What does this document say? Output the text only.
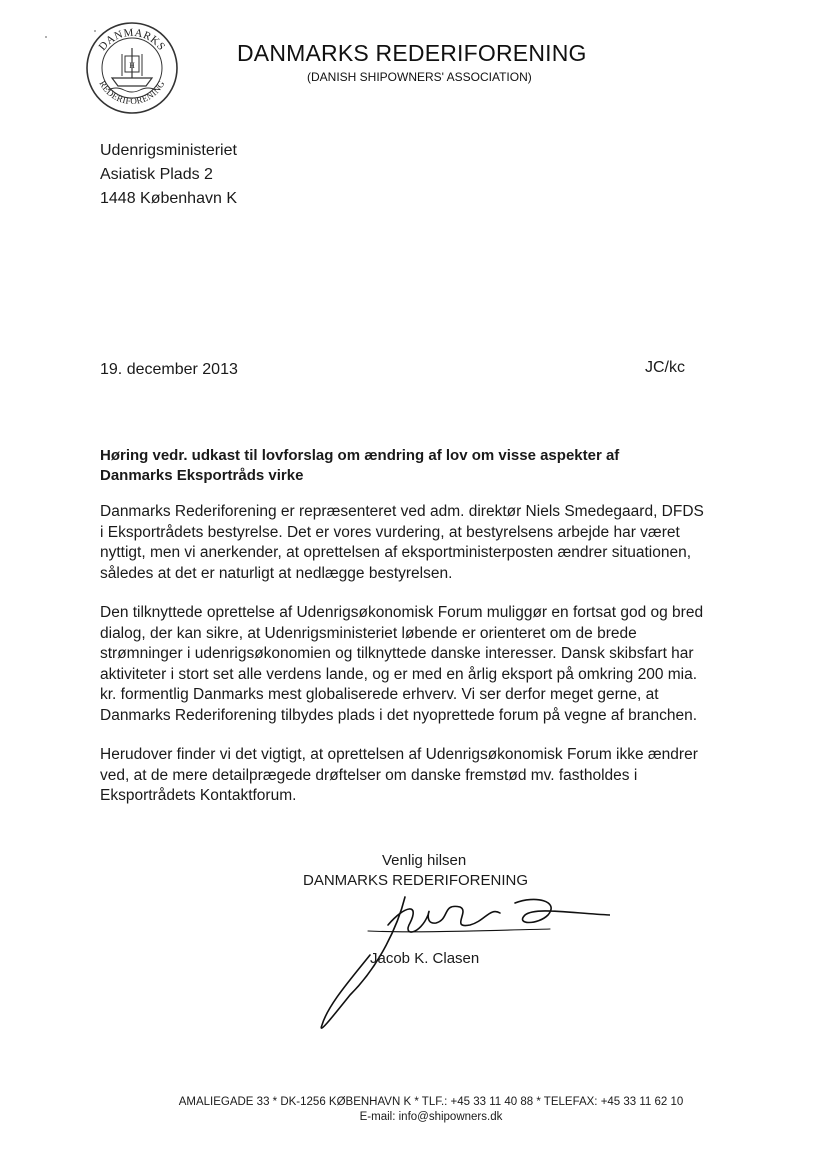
DANMARKS
REDERIFORENING
H	DANMARKS REDERIFORENING
(DANISH SHIPOWNERS' ASSOCIATION)
Udenrigsministeriet
Asiatisk Plads 2
1448 København K
19. december 2013	JC/kc
Høring vedr. udkast til lovforslag om ændring af lov om visse aspekter af
Danmarks Eksportråds virke

Danmarks Rederiforening er repræsenteret ved adm. direktør Niels Smedegaard, DFDS
i Eksportrådets bestyrelse. Det er vores vurdering, at bestyrelsens arbejde har været
nyttigt, men vi anerkender, at oprettelsen af eksportministerposten ændrer situationen,
således at det er naturligt at nedlægge bestyrelsen.

Den tilknyttede oprettelse af Udenrigsøkonomisk Forum muliggør en fortsat god og bred
dialog, der kan sikre, at Udenrigsministeriet løbende er orienteret om de brede
strømninger i udenrigsøkonomien og tilknyttede danske interesser. Dansk skibsfart har
aktiviteter i stort set alle verdens lande, og er med en årlig eksport på omkring 200 mia.
kr. formentlig Danmarks mest globaliserede erhverv. Vi ser derfor meget gerne, at
Danmarks Rederiforening tilbydes plads i det nyoprettede forum på vegne af branchen.

Herudover finder vi det vigtigt, at oprettelsen af Udenrigsøkonomisk Forum ikke ændrer
ved, at de mere detailprægede drøftelser om danske fremstød mv. fastholdes i
Eksportrådets Kontaktforum.

Venlig hilsen
DANMARKS REDERIFORENING
Jacob K. Clasen
AMALIEGADE 33 * DK-1256 KØBENHAVN K * TLF.: +45 33 11 40 88 * TELEFAX: +45 33 11 62 10
E-mail: info@shipowners.dk
